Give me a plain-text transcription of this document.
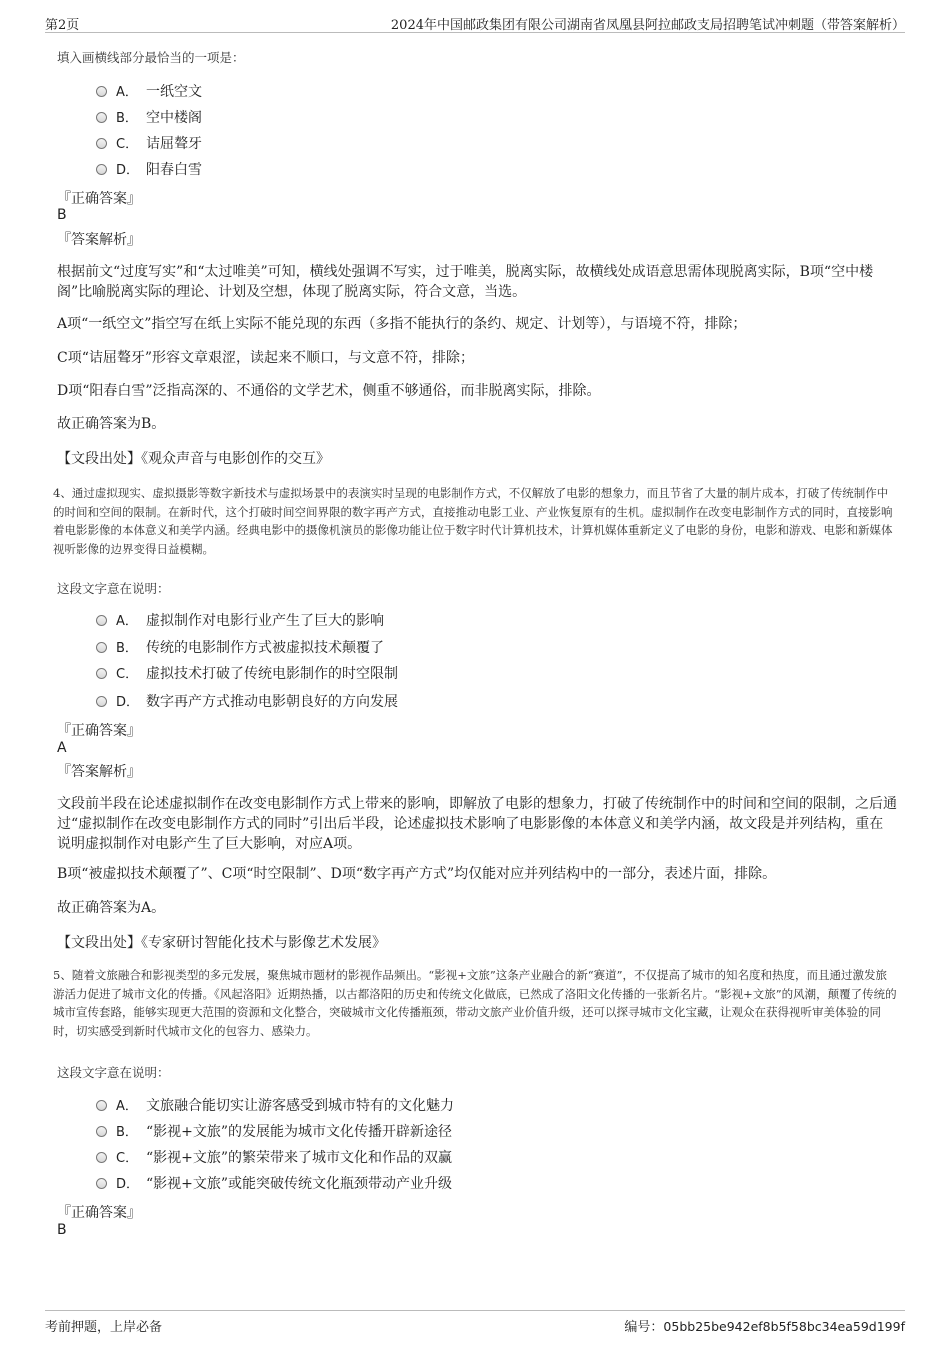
第2页	2024年中国邮政集团有限公司湖南省凤凰县阿拉邮政支局招聘笔试冲刺题（带答案解析）
填入画横线部分最恰当的一项是：
A． 一纸空文
B． 空中楼阁
C． 诘屈聱牙
D． 阳春白雪
『正确答案』
B
『答案解析』
根据前文“过度写实”和“太过唯美”可知，横线处强调不写实，过于唯美，脱离实际，故横线处成语意思需体现脱离实际，B项“空中楼阁”比喻脱离实际的理论、计划及空想，体现了脱离实际，符合文意，当选。
A项“一纸空文”指空写在纸上实际不能兑现的东西（多指不能执行的条约、规定、计划等），与语境不符，排除；
C项“诘屈聱牙”形容文章艰涩，读起来不顺口，与文意不符，排除；
D项“阳春白雪”泛指高深的、不通俗的文学艺术，侧重不够通俗，而非脱离实际，排除。
故正确答案为B。
【文段出处】《观众声音与电影创作的交互》
4、通过虚拟现实、虚拟摄影等数字新技术与虚拟场景中的表演实时呈现的电影制作方式，不仅解放了电影的想象力，而且节省了大量的制片成本，打破了传统制作中的时间和空间的限制。在新时代，这个打破时间空间界限的数字再产方式，直接推动电影工业、产业恢复原有的生机。虚拟制作在改变电影制作方式的同时，直接影响着电影影像的本体意义和美学内涵。经典电影中的摄像机演员的影像功能让位于数字时代计算机技术，计算机媒体重新定义了电影的身份，电影和游戏、电影和新媒体视听影像的边界变得日益模糊。
这段文字意在说明：
A． 虚拟制作对电影行业产生了巨大的影响
B． 传统的电影制作方式被虚拟技术颠覆了
C． 虚拟技术打破了传统电影制作的时空限制
D． 数字再产方式推动电影朝良好的方向发展
『正确答案』
A
『答案解析』
文段前半段在论述虚拟制作在改变电影制作方式上带来的影响，即解放了电影的想象力，打破了传统制作中的时间和空间的限制，之后通过“虚拟制作在改变电影制作方式的同时”引出后半段，论述虚拟技术影响了电影影像的本体意义和美学内涵，故文段是并列结构，重在说明虚拟制作对电影产生了巨大影响，对应A项。
B项“被虚拟技术颠覆了”、C项“时空限制”、D项“数字再产方式”均仅能对应并列结构中的一部分，表述片面，排除。
故正确答案为A。
【文段出处】《专家研讨智能化技术与影像艺术发展》
5、随着文旅融合和影视类型的多元发展，聚焦城市题材的影视作品频出。“影视+文旅”这条产业融合的新“赛道”，不仅提高了城市的知名度和热度，而且通过激发旅游活力促进了城市文化的传播。《风起洛阳》近期热播，以古都洛阳的历史和传统文化做底，已然成了洛阳文化传播的一张新名片。“影视+文旅”的风潮，颠覆了传统的城市宣传套路，能够实现更大范围的资源和文化整合，突破城市文化传播瓶颈，带动文旅产业价值升级，还可以探寻城市文化宝藏，让观众在获得视听审美体验的同时，切实感受到新时代城市文化的包容力、感染力。
这段文字意在说明：
A． 文旅融合能切实让游客感受到城市特有的文化魅力
B． “影视+文旅”的发展能为城市文化传播开辟新途径
C． “影视+文旅”的繁荣带来了城市文化和作品的双赢
D． “影视+文旅”或能突破传统文化瓶颈带动产业升级
『正确答案』
B
考前押题，上岸必备	编号：05bb25be942ef8b5f58bc34ea59d199f
